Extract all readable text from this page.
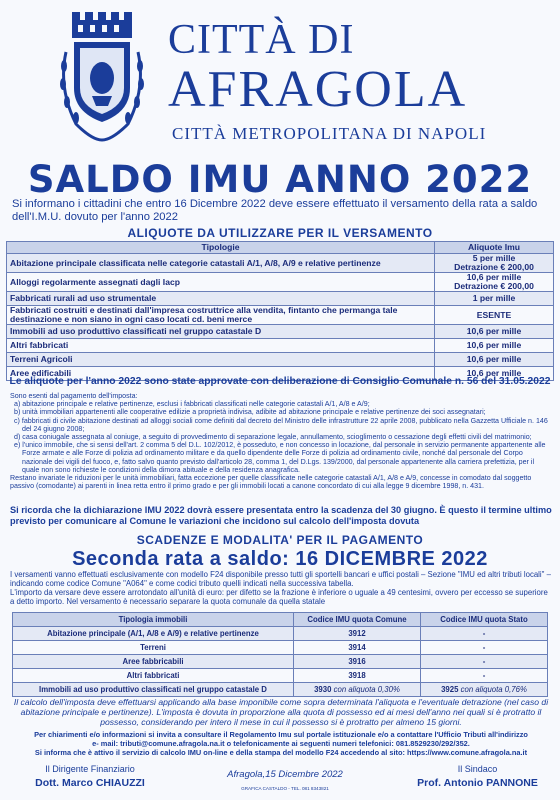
CITTÀ DI
AFRAGOLA
CITTÀ METROPOLITANA DI NAPOLI
SALDO IMU ANNO 2022
Si informano i cittadini che entro 16 Dicembre 2022 deve essere effettuato il versamento della rata a saldo dell'I.M.U. dovuto per l'anno 2022
ALIQUOTE DA UTILIZZARE PER IL VERSAMENTO
Tipologie	Aliquote Imu
Abitazione principale classificata nelle categorie catastali A/1, A/8, A/9 e relative pertinenze	5 per mille
Detrazione € 200,00

Alloggi regolarmente assegnati dagli Iacp	10,6 per mille
Detrazione € 200,00

Fabbricati rurali ad uso strumentale	1 per mille
Fabbricati costruiti e destinati dall'impresa costruttrice alla vendita, fintanto che permanga tale destinazione e non siano in ogni caso locati cd. beni merce	ESENTE
Immobili ad uso produttivo classificati nel gruppo catastale D	10,6 per mille
Altri fabbricati	10,6 per mille
Terreni Agricoli	10,6 per mille
Aree edificabili	10,6 per mille
Le aliquote per l'anno 2022 sono state approvate con deliberazione di Consiglio Comunale n. 56 del 31.05.2022

Sono esenti dal pagamento dell'imposta:

a) abitazione principale e relative pertinenze, esclusi i fabbricati classificati nelle categorie catastali A/1, A/8 e A/9;

b) unità immobiliari appartenenti alle cooperative edilizie a proprietà indivisa, adibite ad abitazione principale e relative pertinenze dei soci assegnatari;

c) fabbricati di civile abitazione destinati ad alloggi sociali come definiti dal decreto del Ministro delle infrastrutture 22 aprile 2008, pubblicato nella Gazzetta Ufficiale n. 146 del 24 giugno 2008;

d) casa coniugale assegnata al coniuge, a seguito di provvedimento di separazione legale, annullamento, scioglimento o cessazione degli effetti civili del matrimonio;

e) l'unico immobile, che si sensi dell'art. 2 comma 5 del D.L. 102/2012, è posseduto, e non concesso in locazione, dal personale in servizio permanente appartenente alle Forze armate e alle Forze di polizia ad ordinamento militare e da quello dipendente delle Forze di polizia ad ordinamento civile, nonché dal personale del Corpo nazionale dei vigili del fuoco, e, fatto salvo quanto previsto dall'articolo 28, comma 1, del D.Lgs. 139/2000, dal personale appartenente alla carriera prefettizia, per il quale non sono richieste le condizioni della dimora abituale e della residenza anagrafica.

Restano invariate le riduzioni per le unità immobiliari, fatta eccezione per quelle classificate nelle categorie catastali A/1, A/8 e A/9, concesse in comodato dal soggetto passivo (comodante) ai parenti in linea retta entro il primo grado e per gli immobili locati a canone concordato di cui alla legge 9 dicembre 1998, n. 431.

Si ricorda che la dichiarazione IMU 2022 dovrà essere presentata entro la scadenza del 30 giugno. È questo il termine ultimo previsto per comunicare al Comune le variazioni che incidono sul calcolo dell'imposta dovuta
SCADENZE E MODALITA' PER IL PAGAMENTO
Seconda rata a saldo: 16 DICEMBRE 2022

I versamenti vanno effettuati esclusivamente con modello F24 disponibile presso tutti gli sportelli bancari e uffici postali – Sezione "IMU ed altri tributi locali" – indicando come codice Comune "A064" e come codici tributo quelli indicati nella successiva tabella.

L'importo da versare deve essere arrotondato all'unità di euro: per difetto se la frazione è inferiore o uguale a 49 centesimi, ovvero per eccesso se superiore a detto importo. Nel versamento è necessario separare la quota comunale da quella statale

Tipologia immobili	Codice IMU quota Comune	Codice IMU quota Stato
Abitazione principale (A/1, A/8 e A/9) e relative pertinenze	3912	-
Terreni	3914	-
Aree fabbricabili	3916	-
Altri fabbricati	3918	-
Immobili ad uso produttivo classificati nel gruppo catastale D	3930 con aliquota 0,30%	3925 con aliquota 0,76%
Il calcolo dell'imposta deve effettuarsi applicando alla base imponibile come sopra determinata l'aliquota e l'eventuale detrazione (nel caso di abitazione principale e pertinenze). L'imposta è dovuta in proporzione alla quota di possesso ed ai mesi dell'anno nei quali si è protratto il possesso, considerando per intero il mese in cui il possesso si è protratto per almeno 15 giorni.
Per chiarimenti e/o informazioni si invita a consultare il Regolamento Imu sul portale istituzionale e/o a contattare l'Ufficio Tributi all'indirizzo
e- mail: tributi@comune.afragola.na.it o telefonicamente ai seguenti numeri telefonici: 081.8529230/292/352.
Si informa che è attivo il servizio di calcolo IMU on-line e della stampa del modello F24 accedendo al sito: https://www.comune.afragola.na.it
Il Dirigente Finanziario
Dott. Marco CHIAUZZI
Afragola,15 Dicembre 2022
GRAFICA CASTALDO - TEL. 081 8343821
Il Sindaco
Prof. Antonio PANNONE
